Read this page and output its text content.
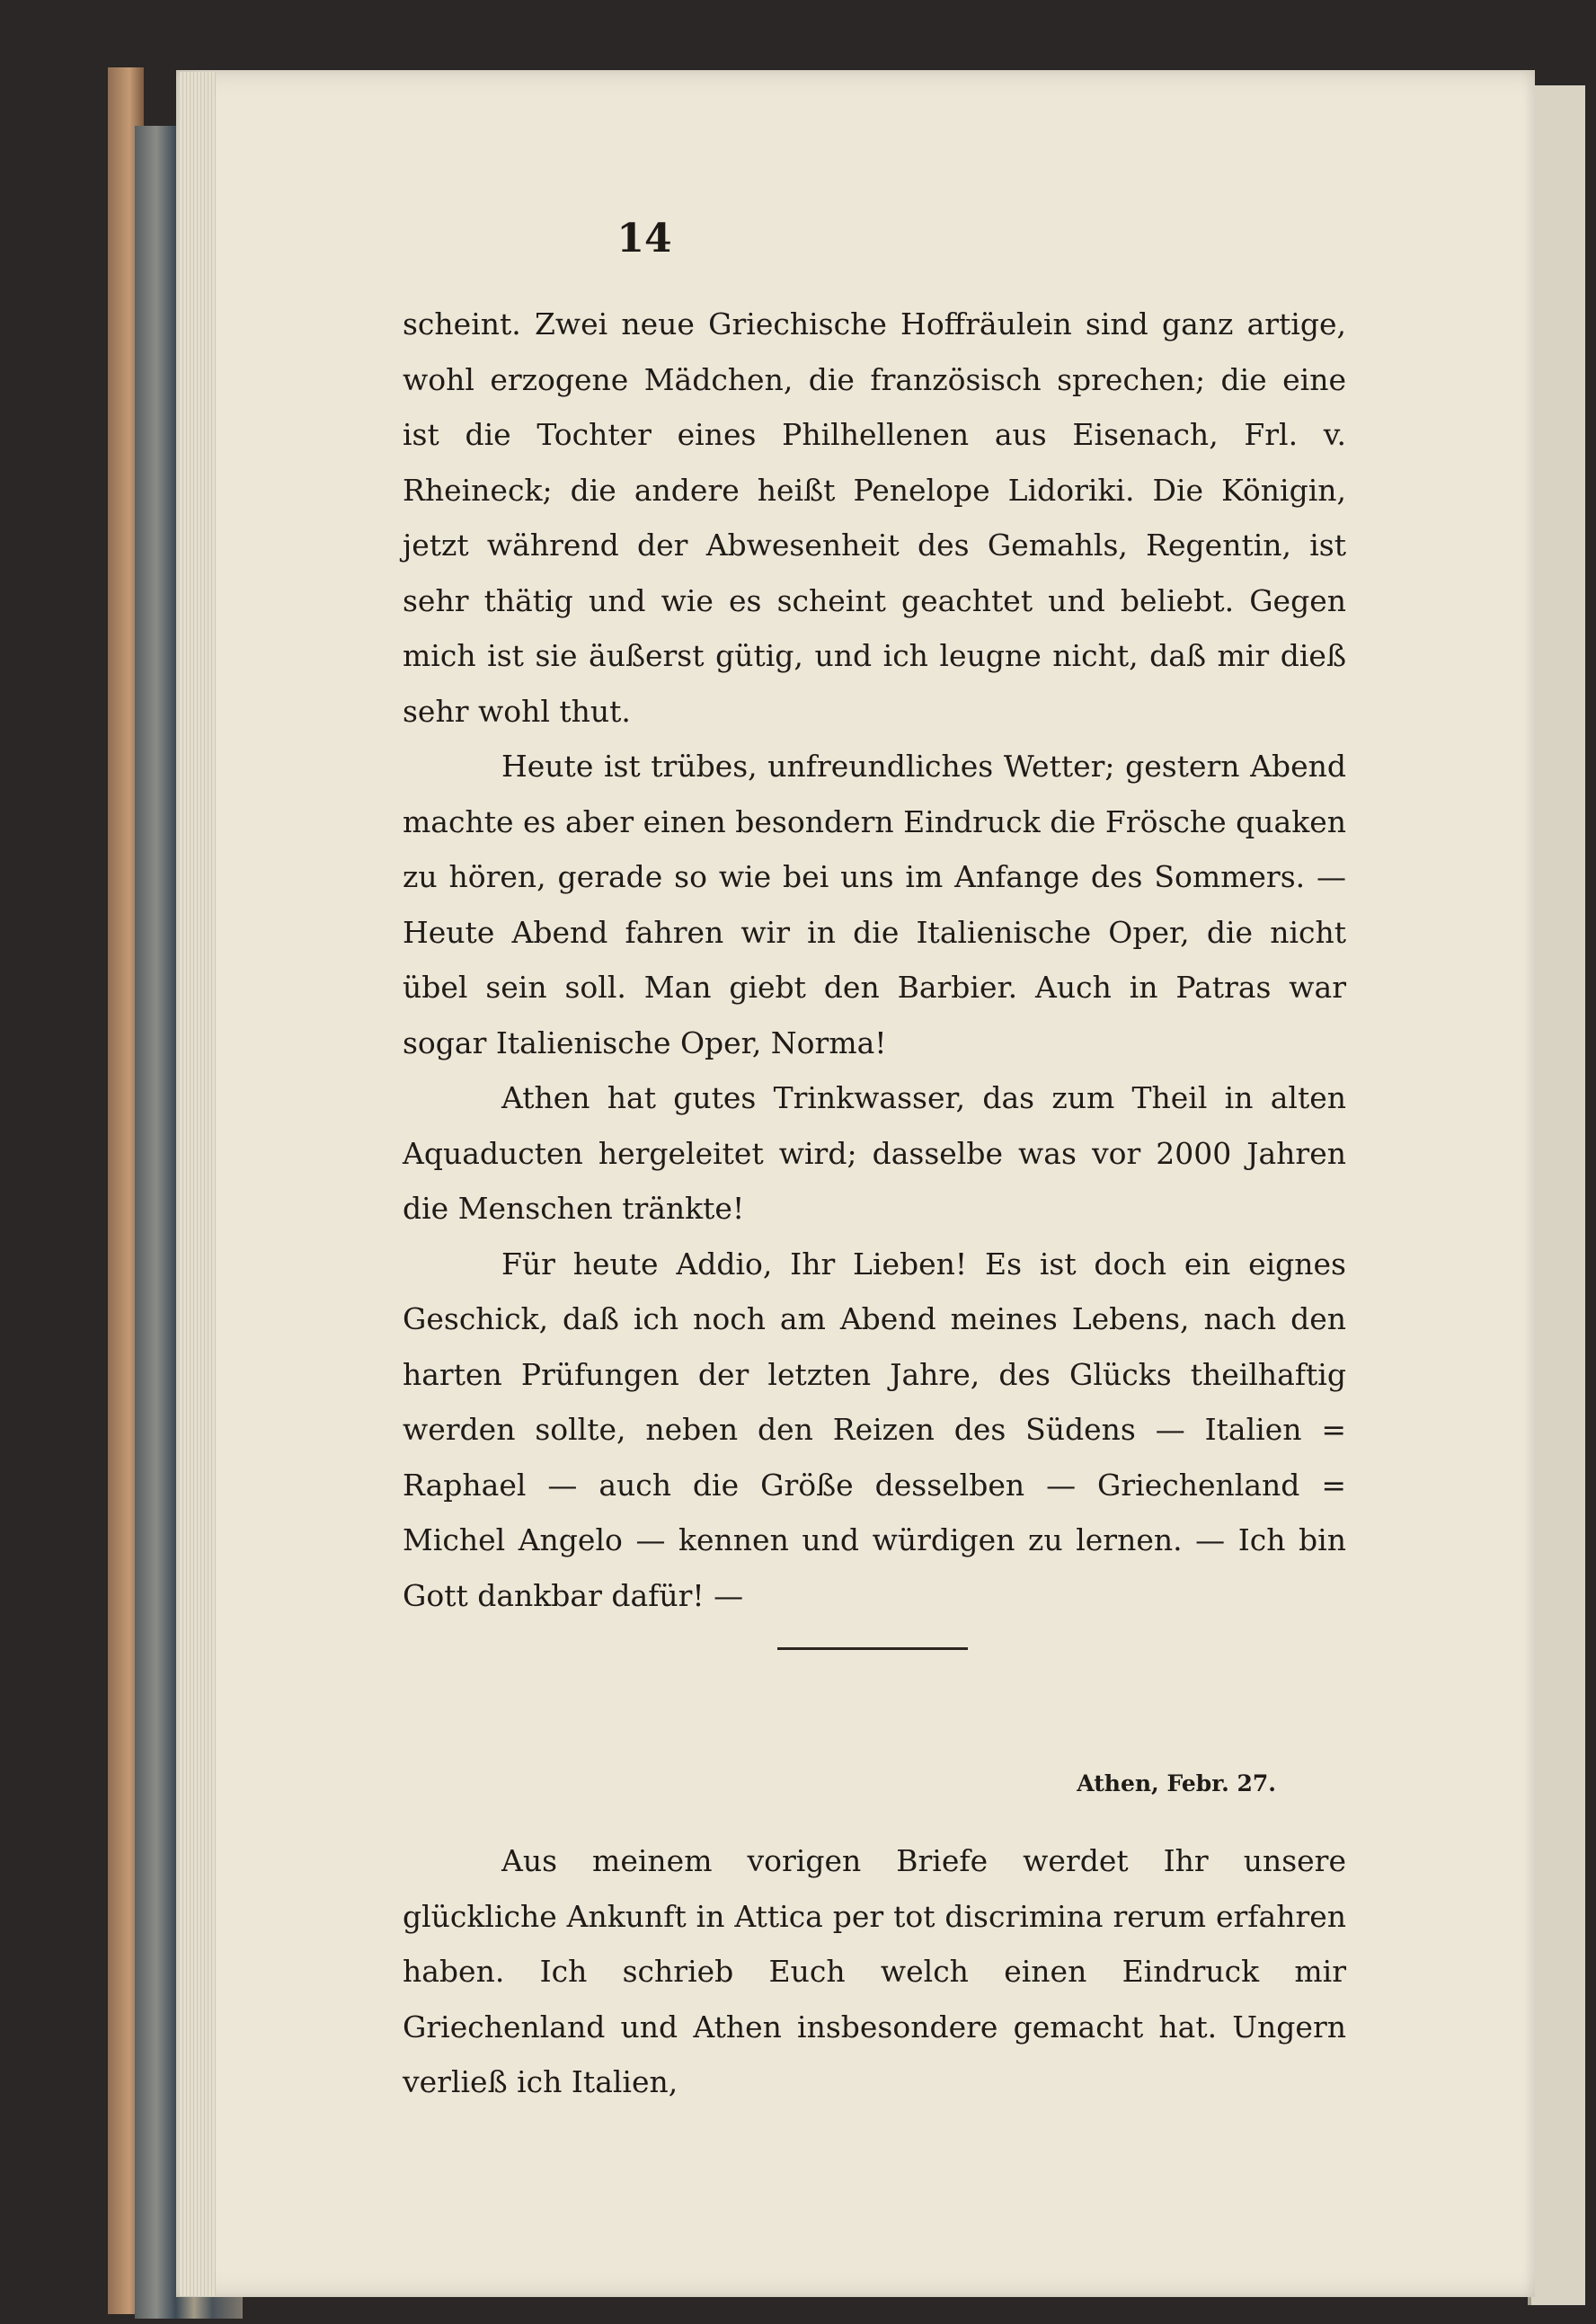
14

scheint. Zwei neue Griechische Hoffräulein sind ganz artige, wohl erzogene Mädchen, die französisch sprechen; die eine ist die Tochter eines Philhellenen aus Eisenach, Frl. v. Rheineck; die andere heißt Penelope Lidoriki. Die Königin, jetzt während der Abwesenheit des Gemahls, Regentin, ist sehr thätig und wie es scheint geachtet und beliebt. Gegen mich ist sie äußerst gütig, und ich leugne nicht, daß mir dieß sehr wohl thut.

Heute ist trübes, unfreundliches Wetter; gestern Abend machte es aber einen besondern Eindruck die Frösche quaken zu hören, gerade so wie bei uns im Anfange des Sommers. — Heute Abend fahren wir in die Italienische Oper, die nicht übel sein soll. Man giebt den Barbier. Auch in Patras war sogar Italienische Oper, Norma!

Athen hat gutes Trinkwasser, das zum Theil in alten Aquaducten hergeleitet wird; dasselbe was vor 2000 Jahren die Menschen tränkte!

Für heute Addio, Ihr Lieben! Es ist doch ein eignes Geschick, daß ich noch am Abend meines Lebens, nach den harten Prüfungen der letzten Jahre, des Glücks theilhaftig werden sollte, neben den Reizen des Südens — Italien = Raphael — auch die Größe desselben — Griechenland = Michel Angelo — kennen und würdigen zu lernen. — Ich bin Gott dankbar dafür! —

Athen, Febr. 27.

Aus meinem vorigen Briefe werdet Ihr unsere glückliche Ankunft in Attica per tot discrimina rerum erfahren haben. Ich schrieb Euch welch einen Eindruck mir Griechenland und Athen insbesondere gemacht hat. Ungern verließ ich Italien,
